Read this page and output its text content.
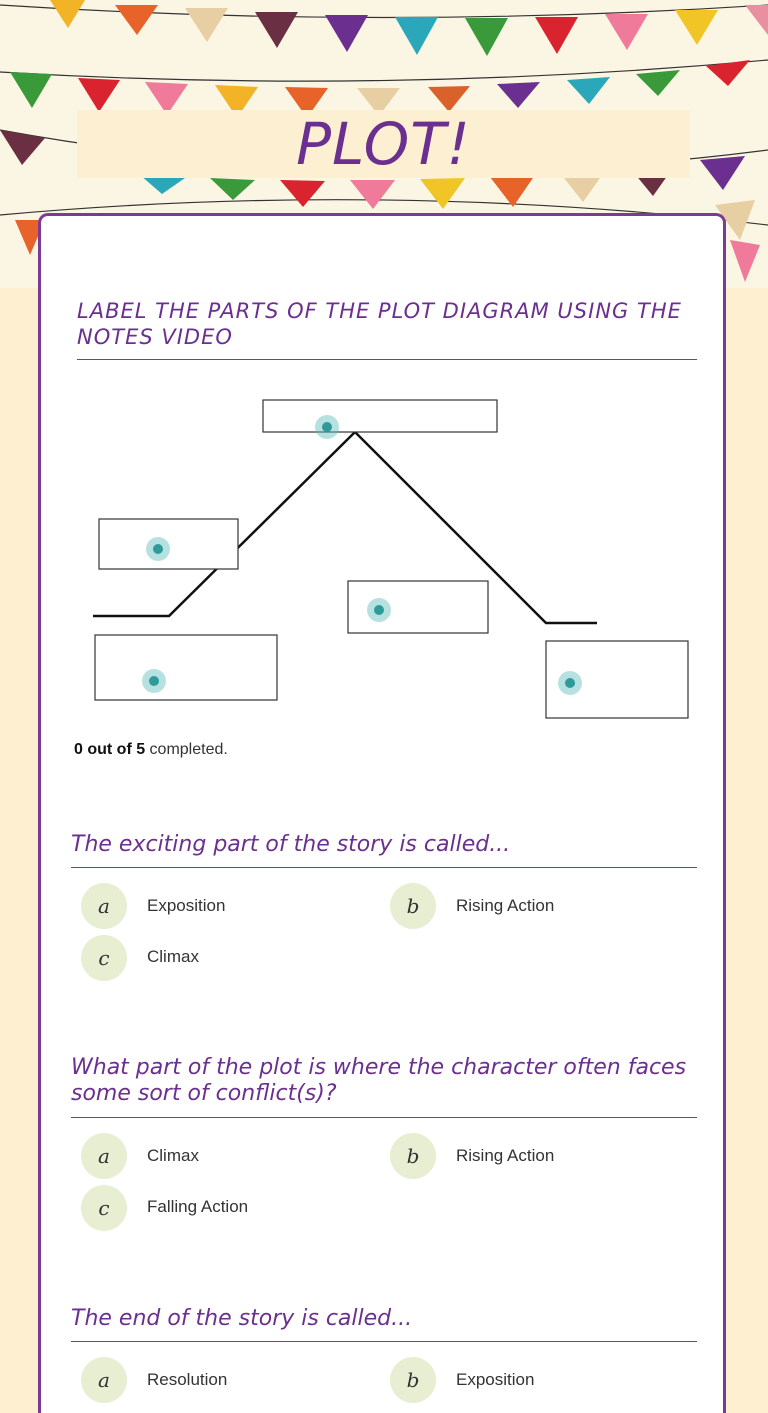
PLOT!
LABEL THE PARTS OF THE PLOT DIAGRAM USING THE NOTES VIDEO
0 out of 5 completed.
The exciting part of the story is called...
a	Exposition	b	Rising Action
c	Climax
What part of the plot is where the character often faces some sort of conflict(s)?
a	Climax	b	Rising Action
c	Falling Action
The end of the story is called...
a	Resolution	b	Exposition
